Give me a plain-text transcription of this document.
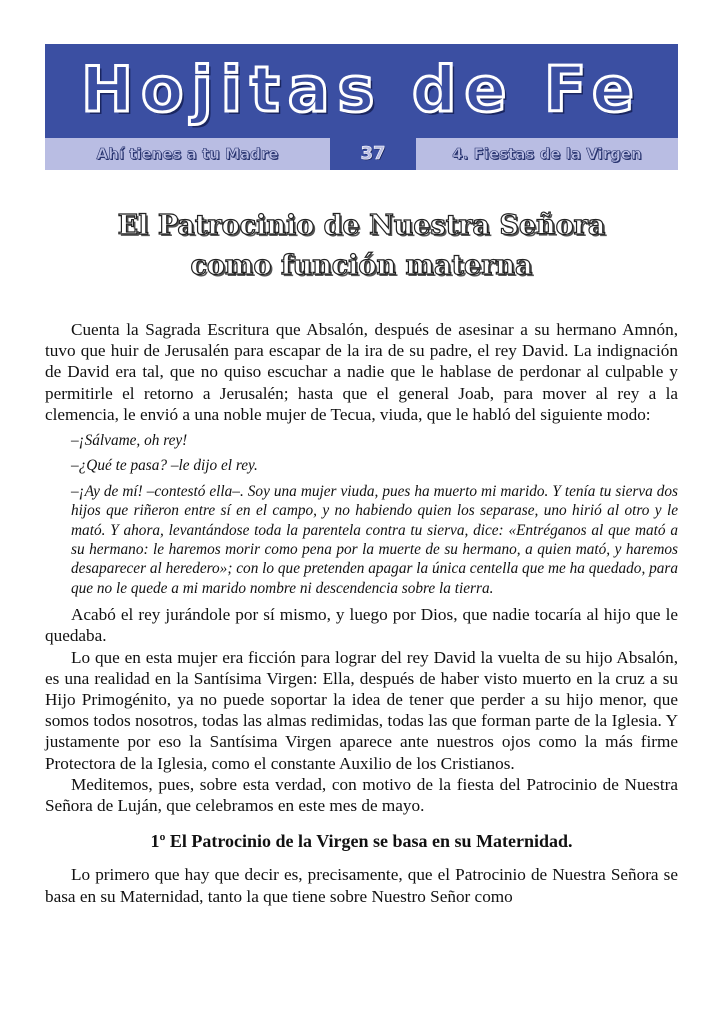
Hojitas de Fe
Ahí tienes a tu Madre	37	4. Fiestas de la Virgen
El Patrocinio de Nuestra Señora
como función materna

Cuenta la Sagrada Escritura que Absalón, después de asesinar a su hermano Amnón, tuvo que huir de Jerusalén para escapar de la ira de su padre, el rey David. La indignación de David era tal, que no quiso escuchar a nadie que le hablase de perdonar al culpable y permitirle el retorno a Jerusalén; hasta que el general Joab, para mover al rey a la clemencia, le envió a una noble mujer de Tecua, viuda, que le habló del siguiente modo:

–¡Sálvame, oh rey!
–¿Qué te pasa? –le dijo el rey.
–¡Ay de mí! –contestó ella–. Soy una mujer viuda, pues ha muerto mi marido. Y tenía tu sierva dos hijos que riñeron entre sí en el campo, y no habiendo quien los separase, uno hirió al otro y le mató. Y ahora, levantándose toda la parentela contra tu sierva, dice: «Entréganos al que mató a su hermano: le haremos morir como pena por la muerte de su hermano, a quien mató, y haremos desaparecer al heredero»; con lo que pretenden apagar la única centella que me ha quedado, para que no le quede a mi marido nombre ni descendencia sobre la tierra.

Acabó el rey jurándole por sí mismo, y luego por Dios, que nadie tocaría al hijo que le quedaba.

Lo que en esta mujer era ficción para lograr del rey David la vuelta de su hijo Absalón, es una realidad en la Santísima Virgen: Ella, después de haber visto muerto en la cruz a su Hijo Primogénito, ya no puede soportar la idea de tener que perder a su hijo menor, que somos todos nosotros, todas las almas redimidas, todas las que forman parte de la Iglesia. Y justamente por eso la Santísima Virgen aparece ante nuestros ojos como la más firme Protectora de la Iglesia, como el constante Auxilio de los Cristianos.

Meditemos, pues, sobre esta verdad, con motivo de la fiesta del Patrocinio de Nuestra Señora de Luján, que celebramos en este mes de mayo.

1º El Patrocinio de la Virgen se basa en su Maternidad.

Lo primero que hay que decir es, precisamente, que el Patrocinio de Nuestra Señora se basa en su Maternidad, tanto la que tiene sobre Nuestro Señor como
